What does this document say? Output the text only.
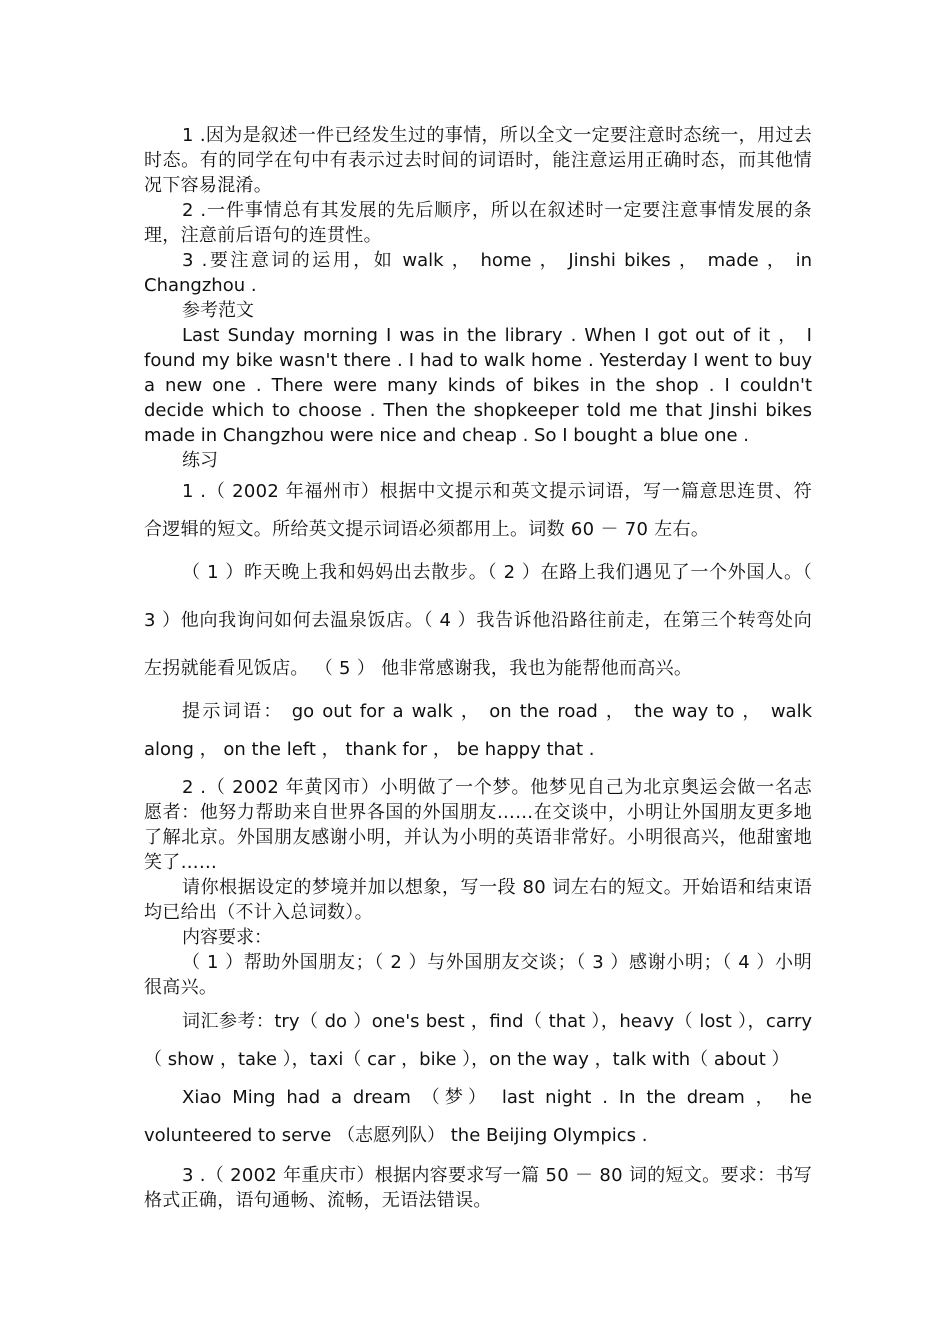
1 .因为是叙述一件已经发生过的事情，所以全文一定要注意时态统一，用过去时态。有的同学在句中有表示过去时间的词语时，能注意运用正确时态，而其他情况下容易混淆。

2 .一件事情总有其发展的先后顺序，所以在叙述时一定要注意事情发展的条理，注意前后语句的连贯性。

3 .要注意词的运用，如 walk ， home ， Jinshi bikes ， made ， in Changzhou .

参考范文

Last Sunday morning I was in the library . When I got out of it ， I found my bike wasn't there . I had to walk home . Yesterday I went to buy a new one . There were many kinds of bikes in the shop . I couldn't decide which to choose . Then the shopkeeper told me that Jinshi bikes made in Changzhou were nice and cheap . So I bought a blue one .

练习

1 .（ 2002 年福州市）根据中文提示和英文提示词语，写一篇意思连贯、符合逻辑的短文。所给英文提示词语必须都用上。词数 60 － 70 左右。

（ 1 ）昨天晚上我和妈妈出去散步。（ 2 ）在路上我们遇见了一个外国人。（ 3 ）他向我询问如何去温泉饭店。（ 4 ）我告诉他沿路往前走，在第三个转弯处向左拐就能看见饭店。 （ 5 ） 他非常感谢我，我也为能帮他而高兴。

提示词语： go out for a walk ， on the road ， the way to ， walk along ， on the left ， thank for ， be happy that .

2 .（ 2002 年黄冈市）小明做了一个梦。他梦见自己为北京奥运会做一名志愿者：他努力帮助来自世界各国的外国朋友……在交谈中，小明让外国朋友更多地了解北京。外国朋友感谢小明，并认为小明的英语非常好。小明很高兴，他甜蜜地笑了……

请你根据设定的梦境并加以想象，写一段 80 词左右的短文。开始语和结束语均已给出（不计入总词数）。

内容要求：

（ 1 ）帮助外国朋友；（ 2 ）与外国朋友交谈；（ 3 ）感谢小明；（ 4 ）小明很高兴。

词汇参考：try（ do ）one's best ，find（ that ），heavy（ lost ），carry（ show ，take ），taxi（ car ，bike ），on the way ，talk with（ about ）

Xiao Ming had a dream （梦） last night . In the dream ， he volunteered to serve （志愿列队） the Beijing Olympics .

3 .（ 2002 年重庆市）根据内容要求写一篇 50 － 80 词的短文。要求：书写格式正确，语句通畅、流畅，无语法错误。
